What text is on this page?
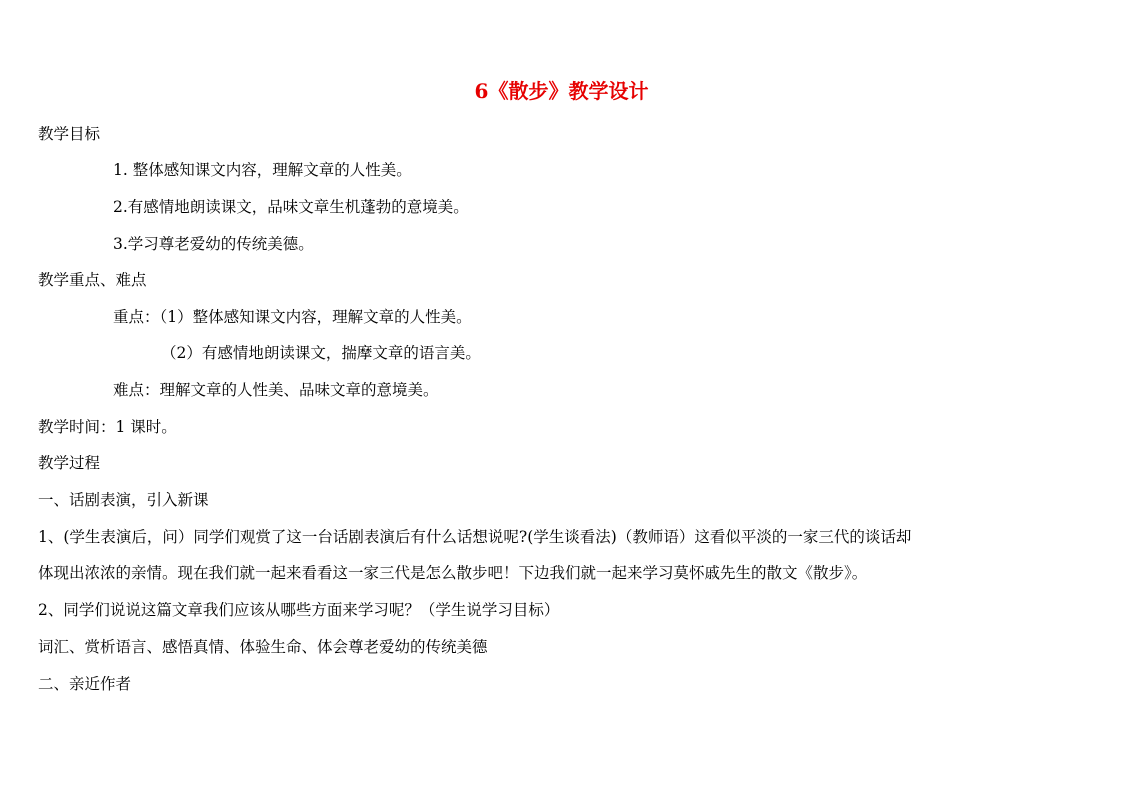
6《散步》教学设计
教学目标
1. 整体感知课文内容，理解文章的人性美。
2.有感情地朗读课文，品味文章生机蓬勃的意境美。
3.学习尊老爱幼的传统美德。
教学重点、难点
重点：（1）整体感知课文内容，理解文章的人性美。
（2）有感情地朗读课文，揣摩文章的语言美。
难点：理解文章的人性美、品味文章的意境美。
教学时间：1 课时。
教学过程
一、话剧表演，引入新课
1、(学生表演后，问）同学们观赏了这一台话剧表演后有什么话想说呢?(学生谈看法)（教师语）这看似平淡的一家三代的谈话却
体现出浓浓的亲情。现在我们就一起来看看这一家三代是怎么散步吧！下边我们就一起来学习莫怀戚先生的散文《散步》。
2、同学们说说这篇文章我们应该从哪些方面来学习呢？（学生说学习目标）
词汇、赏析语言、感悟真情、体验生命、体会尊老爱幼的传统美德
二、亲近作者
